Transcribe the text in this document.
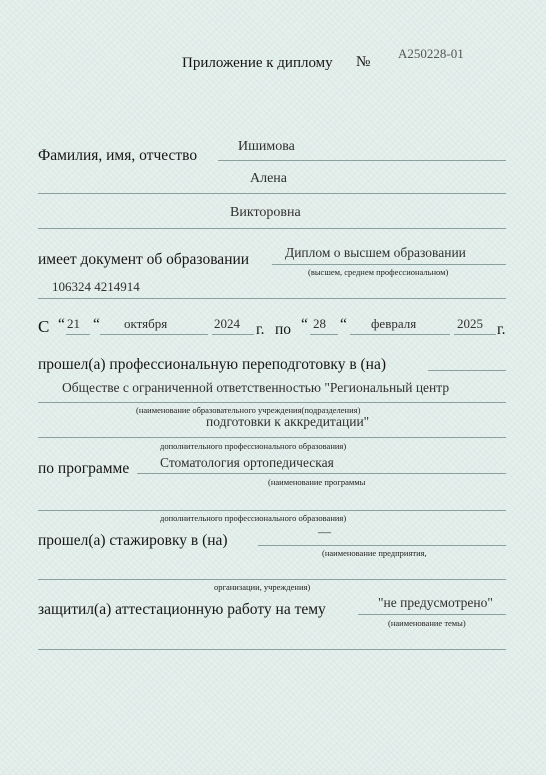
Приложение к диплому №
A250228-01
Фамилия, имя, отчество
Ишимова
Алена
Викторовна
имеет документ об образовании	Диплом о высшем образовании
(высшем, среднем профессиональном)
106324 4214914
С “ 21 “ октября	2024 г. по “ 28 “ февраля	2025 г.
прошел(а) профессиональную переподготовку в (на)
Обществе с ограниченной ответственностью "Региональный центр
(наименование образовательного учреждения(подразделения)
подготовки к аккредитации"
дополнительного профессионального образования)
по программе Стоматология ортопедическая
(наименование программы
дополнительного профессионального образования)
прошел(а) стажировку в (на)
—
(наименование предприятия,
организации, учреждения)
защитил(а) аттестационную работу на тему	"не предусмотрено"
(наименование темы)
